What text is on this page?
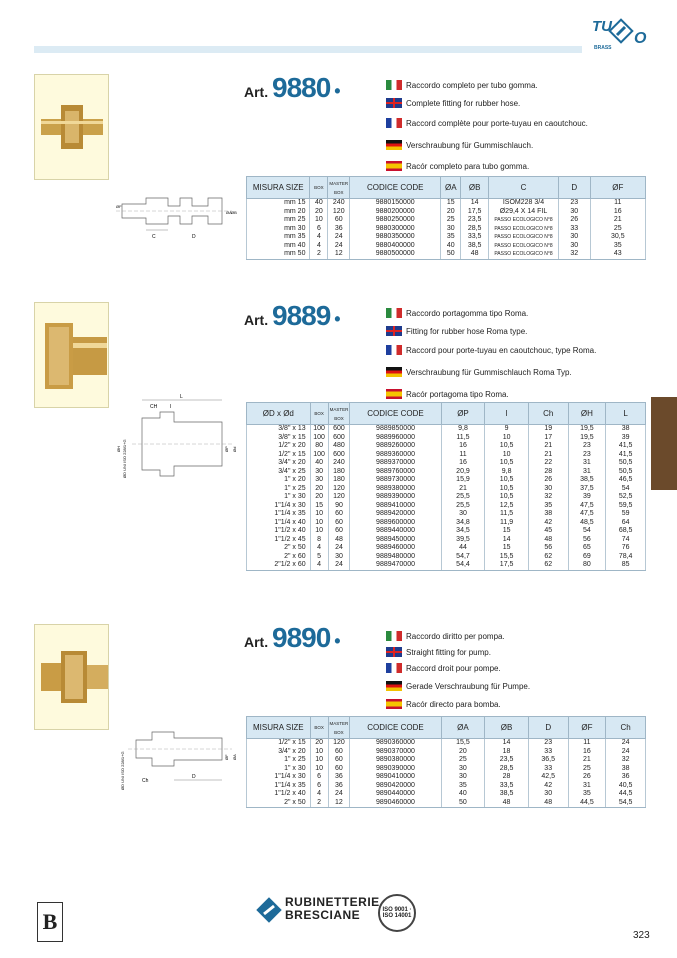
TU
O
BRASS
C	D
ØA ØB
ØF
Art. 9880 •	Raccordo completo per tubo gomma.
Complete fitting for rubber hose.
Raccord complète pour porte-tuyau en caoutchouc.
Verschraubung für Gummischlauch.
Racór completo para tubo gomma.
MISURA SIZE	BOX	MASTER BOX	CODICE CODE	ØA	ØB	C	D	ØF
mm 15	40	240	9880150000	15	14	ISOM228 3/4	23	11
mm 20	20	120	9880200000	20	17,5	Ø29,4 X 14 FIL	30	16
mm 25	10	60	9880250000	25	23,5	PASSO ECOLOGICO N°8	26	21
mm 30	6	36	9880300000	30	28,5	PASSO ECOLOGICO N°8	33	25
mm 35	4	24	9880350000	35	33,5	PASSO ECOLOGICO N°8	30	30,5
mm 40	4	24	9880400000	40	38,5	PASSO ECOLOGICO N°8	30	35
mm 50	2	12	9880500000	50	48	PASSO ECOLOGICO N°8	32	43
L
CH	I
ØD UNI ISO 228/1+G
ØH	ØP Ød
Art. 9889 •	Raccordo portagomma tipo Roma.
Fitting for rubber hose Roma type.
Raccord pour porte-tuyau en caoutchouc, type Roma.
Verschraubung für Gummischlauch Roma Typ.
Racór portagoma tipo Roma.
ØD x Ød	BOX	MASTER BOX	CODICE CODE	ØP	l	Ch	ØH	L
3/8" x 13	100	600	9889850000	9,8	9	19	19,5	38
3/8" x 15	100	600	9889960000	11,5	10	17	19,5	39
1/2" x 20	80	480	9889260000	16	10,5	21	23	41,5
1/2" x 15	100	600	9889360000	11	10	21	23	41,5
3/4" x 20	40	240	9889370000	16	10,5	22	31	50,5
3/4" x 25	30	180	9889760000	20,9	9,8	28	31	50,5
1" x 20	30	180	9889730000	15,9	10,5	26	38,5	46,5
1" x 25	20	120	9889380000	21	10,5	30	37,5	54
1" x 30	20	120	9889390000	25,5	10,5	32	39	52,5
1"1/4 x 30	15	90	9889410000	25,5	12,5	35	47,5	59,5
1"1/4 x 35	10	60	9889420000	30	11,5	38	47,5	59
1"1/4 x 40	10	60	9889600000	34,8	11,9	42	48,5	64
1"1/2 x 40	10	60	9889440000	34,5	15	45	54	68,5
1"1/2 x 45	8	48	9889450000	39,5	14	48	56	74
2" x 50	4	24	9889460000	44	15	56	65	76
2" x 60	5	30	9889480000	54,7	15,5	62	69	78,4
2"1/2 x 60	4	24	9889470000	54,4	17,5	62	80	85
ØD UNI ISO 228/1+G	Ch
D
ØF ØA
Art. 9890 •	Raccordo diritto per pompa.
Straight fitting for pump.
Raccord droit pour pompe.
Gerade Verschraubung für Pumpe.
Racór directo para bomba.
MISURA SIZE	BOX	MASTER BOX	CODICE CODE	ØA	ØB	D	ØF	Ch
1/2" x 15	20	120	9890360000	15,5	14	23	11	24
3/4" x 20	10	60	9890370000	20	18	33	16	24
1" x 25	10	60	9890380000	25	23,5	36,5	21	32
1" x 30	10	60	9890390000	30	28,5	33	25	38
1"1/4 x 30	6	36	9890410000	30	28	42,5	26	36
1"1/4 x 35	6	36	9890420000	35	33,5	42	31	40,5
1"1/2 x 40	4	24	9890440000	40	38,5	30	35	44,5
2" x 50	2	12	9890460000	50	48	48	44,5	54,5
B
RUBINETTERIE
BRESCIANE	ISO 9001 · ISO 14001
323
